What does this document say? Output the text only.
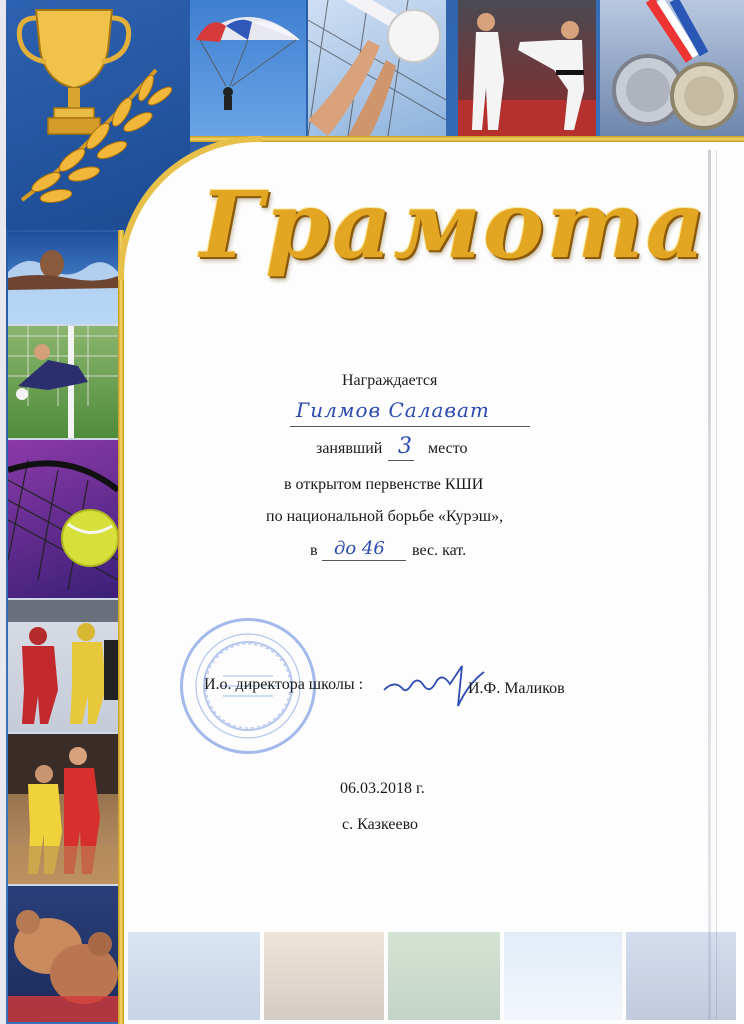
Грамота
Награждается
Гилмов Салават
занявший 3 место
в открытом первенстве КШИ
по национальной борьбе «Курэш»,
в до 46 вес. кат.
И.о. директора школы :	И.Ф. Маликов
06.03.2018 г.
с. Казкеево
